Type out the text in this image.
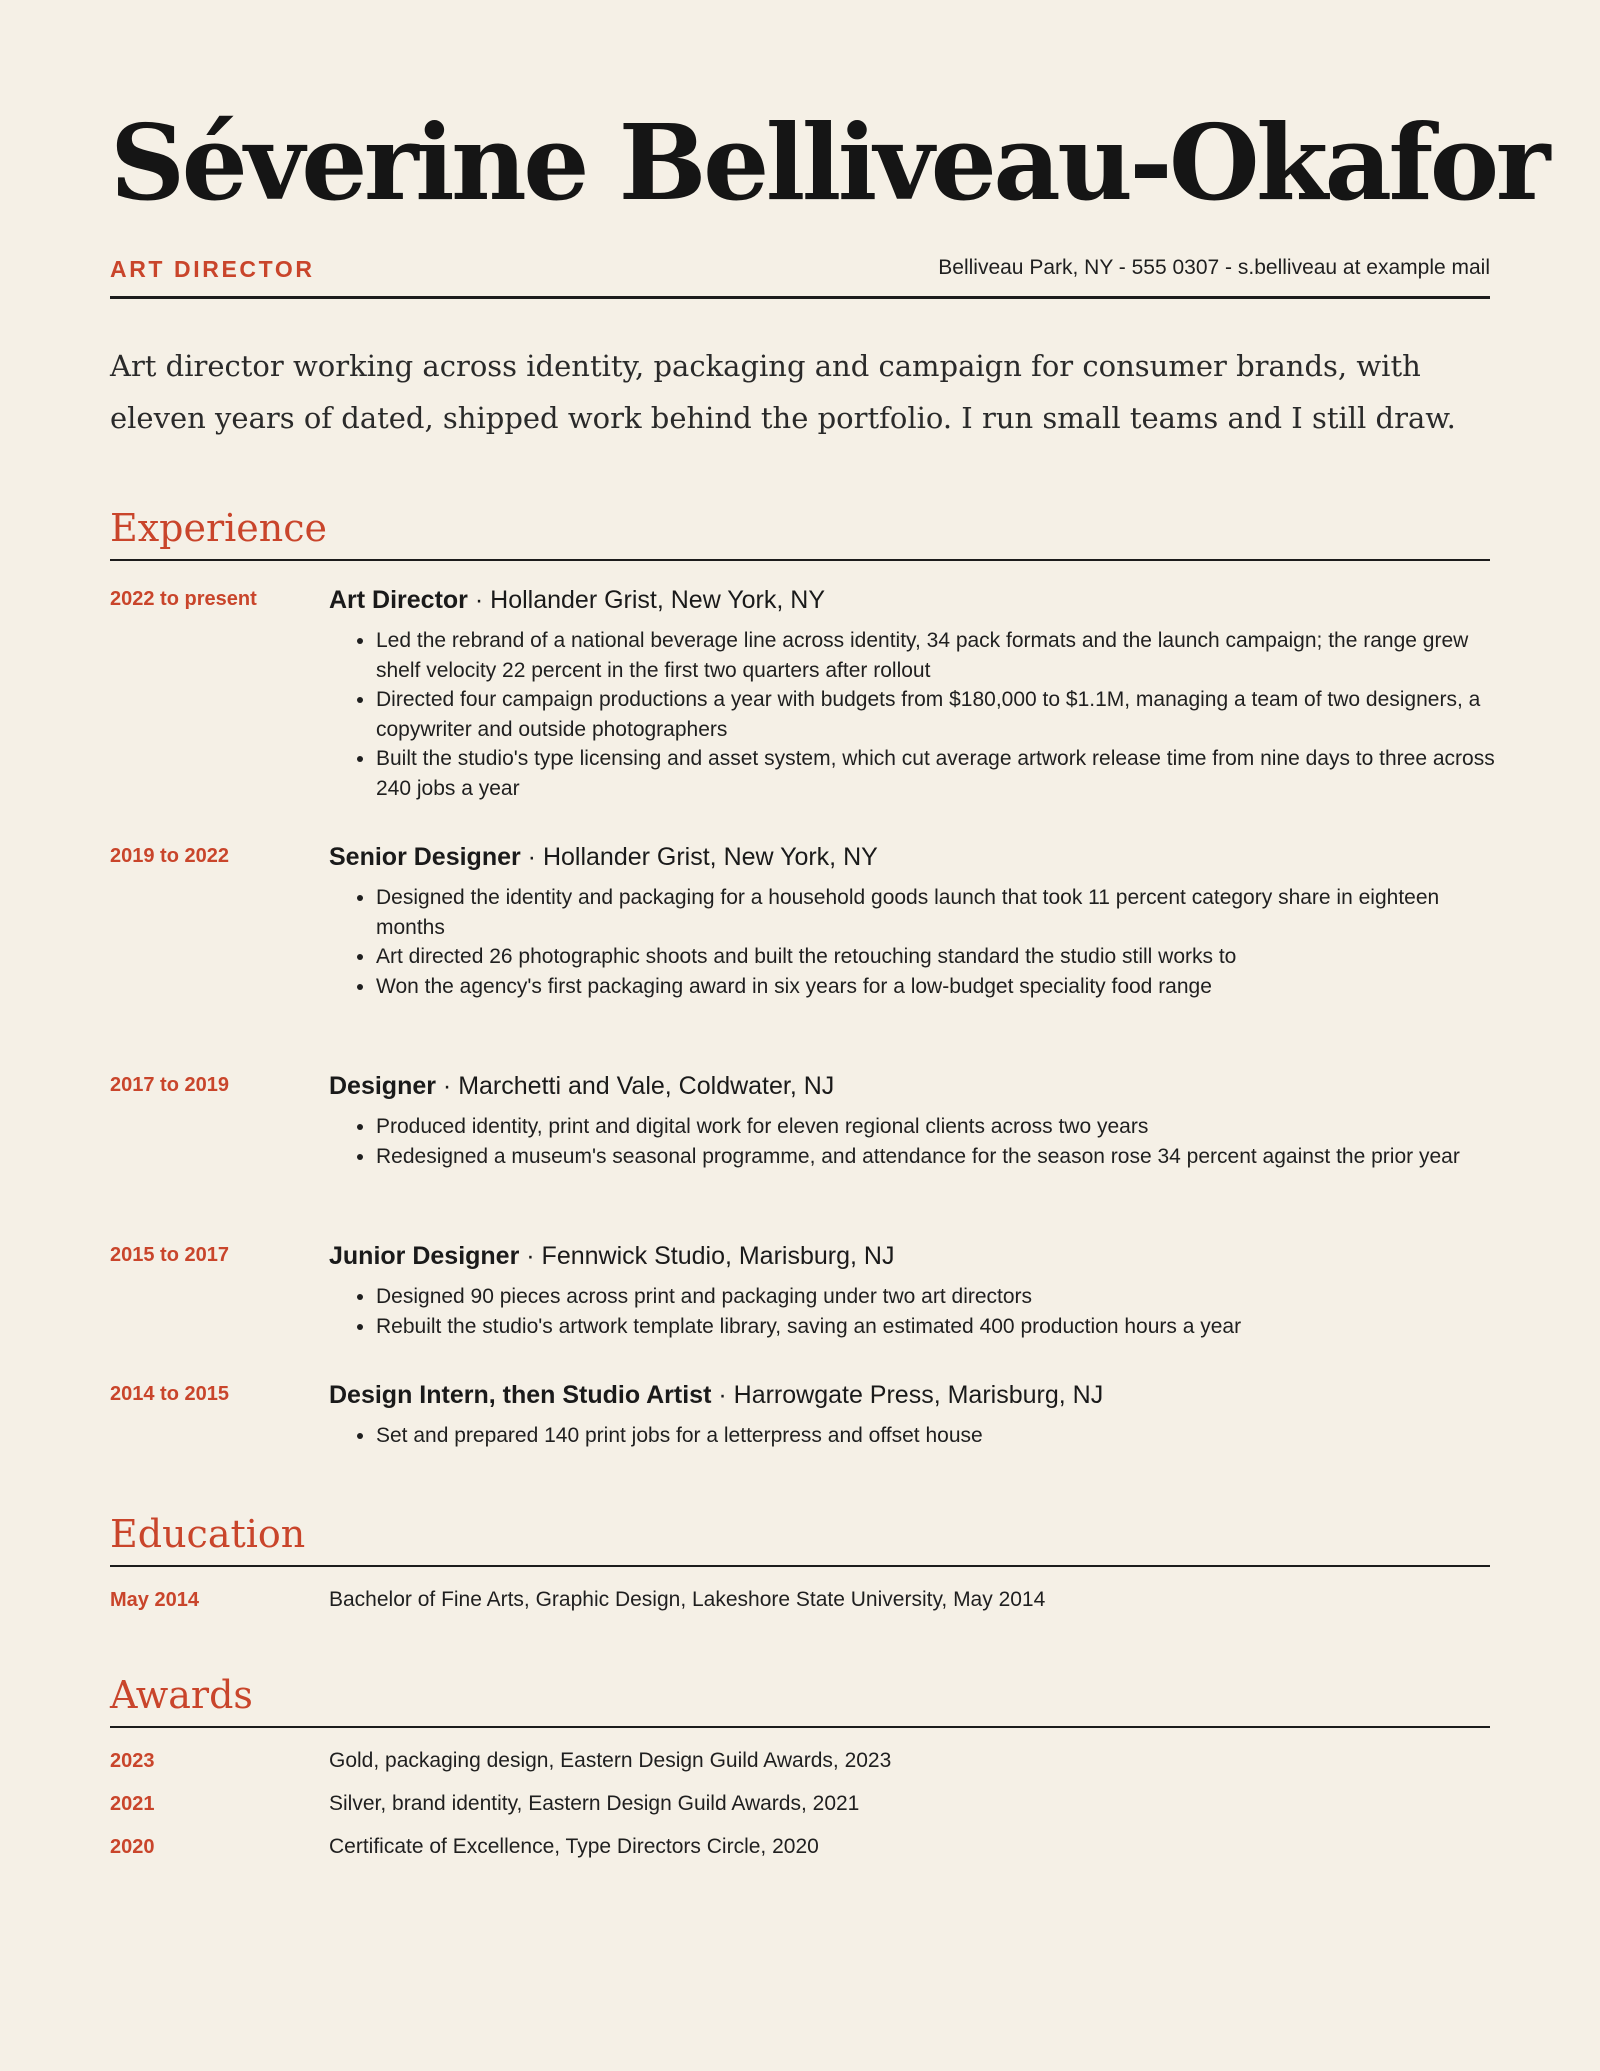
Séverine Belliveau-Okafor
ART DIRECTOR	Belliveau Park, NY - 555 0307 - s.belliveau at example mail

Art director working across identity, packaging and campaign for consumer brands, with eleven years of dated, shipped work behind the portfolio. I run small teams and I still draw.

Experience
2022 to present	Art Director · Hollander Grist, New York, NY
• Led the rebrand of a national beverage line across identity, 34 pack formats and the launch campaign; the range grew shelf velocity 22 percent in the first two quarters after rollout
• Directed four campaign productions a year with budgets from $180,000 to $1.1M, managing a team of two designers, a copywriter and outside photographers
• Built the studio's type licensing and asset system, which cut average artwork release time from nine days to three across 240 jobs a year
2019 to 2022	Senior Designer · Hollander Grist, New York, NY
• Designed the identity and packaging for a household goods launch that took 11 percent category share in eighteen months
• Art directed 26 photographic shoots and built the retouching standard the studio still works to
• Won the agency's first packaging award in six years for a low-budget speciality food range
2017 to 2019	Designer · Marchetti and Vale, Coldwater, NJ
• Produced identity, print and digital work for eleven regional clients across two years
• Redesigned a museum's seasonal programme, and attendance for the season rose 34 percent against the prior year
2015 to 2017	Junior Designer · Fennwick Studio, Marisburg, NJ
• Designed 90 pieces across print and packaging under two art directors
• Rebuilt the studio's artwork template library, saving an estimated 400 production hours a year
2014 to 2015	Design Intern, then Studio Artist · Harrowgate Press, Marisburg, NJ
• Set and prepared 140 print jobs for a letterpress and offset house
Education
May 2014	Bachelor of Fine Arts, Graphic Design, Lakeshore State University, May 2014
Awards
2023	Gold, packaging design, Eastern Design Guild Awards, 2023
2021	Silver, brand identity, Eastern Design Guild Awards, 2021
2020	Certificate of Excellence, Type Directors Circle, 2020
